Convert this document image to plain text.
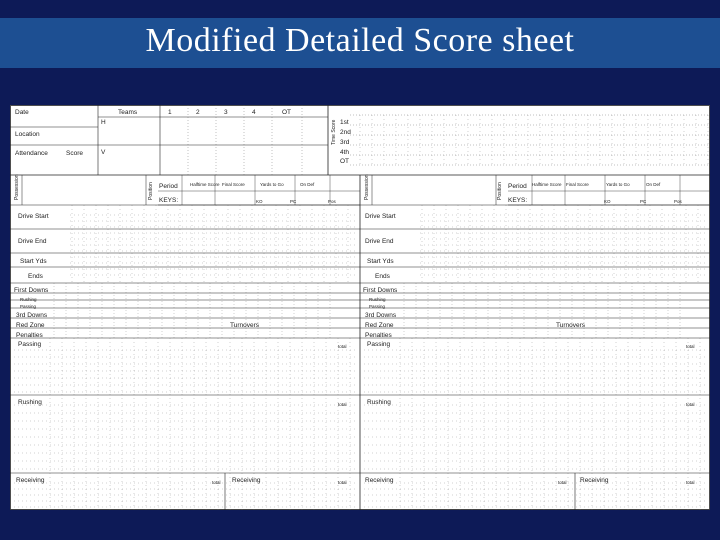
Modified Detailed Score sheet
Date
Location
Attendance	Score
Teams
H
V
1	2	3	4	OT
Time Score 1st
2nd
3rd
4th
OT
Possession	Position Period	Halftime Score Final Score	Yards to Go	On Def
KEYS:	KO	PC	Pos
Drive Start
Drive End
Start Yds
Ends
First Downs
Rushing
Passing
3rd Downs
Red Zone	Turnovers
Penalties
Passing	total
Rushing	total
Receiving	total Receiving	total
Possession	Position Period Halftime Score Final Score	Yards to Go	On Def
KEYS:	KO	PC	Pos
Drive Start
Drive End
Start Yds
Ends
First Downs
Rushing
Passing
3rd Downs
Red Zone	Turnovers
Penalties
Passing	total
Rushing	total
Receiving	total Receiving	total
